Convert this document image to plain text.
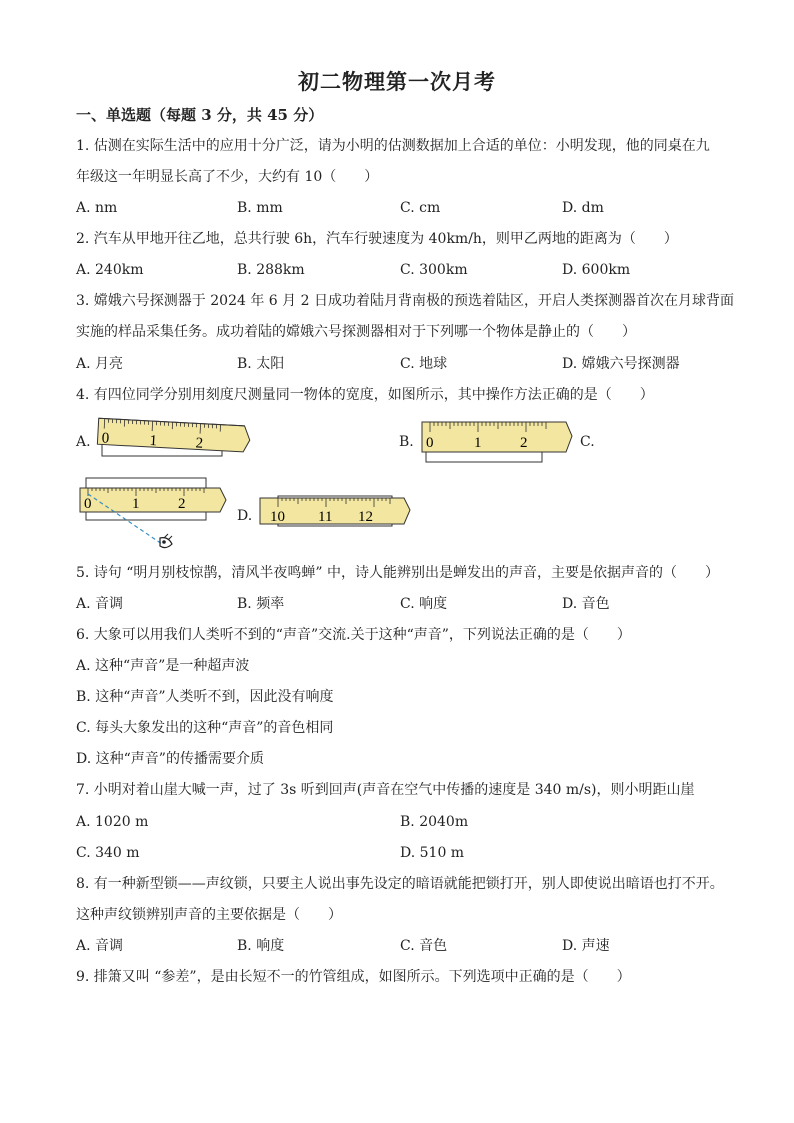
初二物理第一次月考
一、单选题（每题 3 分，共 45 分）
1. 估测在实际生活中的应用十分广泛，请为小明的估测数据加上合适的单位：小明发现，他的同桌在九
年级这一年明显长高了不少，大约有 10（　　）
A. nm	B. mm	C. cm	D. dm
2. 汽车从甲地开往乙地，总共行驶 6h，汽车行驶速度为 40km/h，则甲乙两地的距离为（　　）
A. 240km	B. 288km	C. 300km	D. 600km
3. 嫦娥六号探测器于 2024 年 6 月 2 日成功着陆月背南极的预选着陆区，开启人类探测器首次在月球背面
实施的样品采集任务。成功着陆的嫦娥六号探测器相对于下列哪一个物体是静止的（　　）
A. 月亮	B. 太阳	C. 地球	D. 嫦娥六号探测器
4. 有四位同学分别用刻度尺测量同一物体的宽度，如图所示，其中操作方法正确的是（　　）
A.	B.	C.
D.
0	1	2	0	1	2
0	1	2
10 11 12
5. 诗句 “明月别枝惊鹊，清风半夜鸣蝉” 中，诗人能辨别出是蝉发出的声音，主要是依据声音的（　　）
A. 音调	B. 频率	C. 响度	D. 音色
6. 大象可以用我们人类听不到的“声音”交流.关于这种“声音”，下列说法正确的是（　　）
A. 这种“声音”是一种超声波
B. 这种“声音”人类听不到，因此没有响度
C. 每头大象发出的这种“声音”的音色相同
D. 这种“声音”的传播需要介质
7. 小明对着山崖大喊一声，过了 3s 听到回声(声音在空气中传播的速度是 340 m/s)，则小明距山崖
A. 1020 m	B. 2040m
C. 340 m	D. 510 m
8. 有一种新型锁——声纹锁，只要主人说出事先设定的暗语就能把锁打开，别人即使说出暗语也打不开。
这种声纹锁辨别声音的主要依据是（　　）
A. 音调	B. 响度	C. 音色	D. 声速
9. 排箫又叫 “参差”，是由长短不一的竹管组成，如图所示。下列选项中正确的是（　　）
